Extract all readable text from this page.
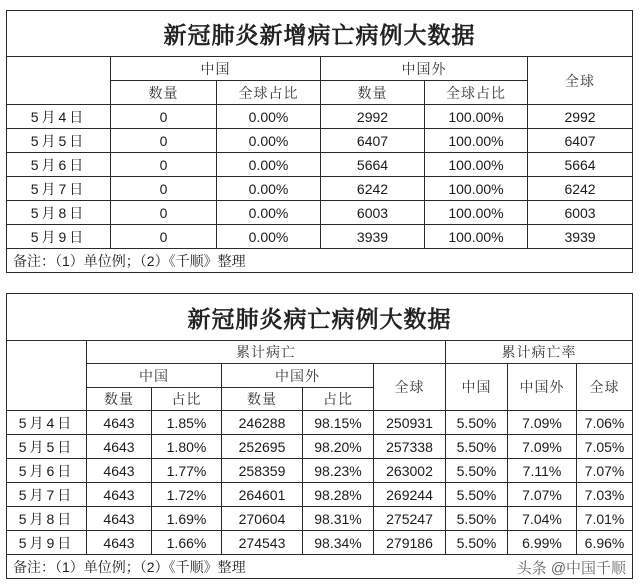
新冠肺炎新增病亡病例大数据					
	中国		中国外		全球
	数量	全球占比	数量	全球占比	
5月4日	0	0.00%	2992	100.00%	2992
5月5日	0	0.00%	6407	100.00%	6407
5月6日	0	0.00%	5664	100.00%	5664
5月7日	0	0.00%	6242	100.00%	6242
5月8日	0	0.00%	6003	100.00%	6003
5月9日	0	0.00%	3939	100.00%	3939
备注：（1）单位例；（2）《千顺》整理					
新冠肺炎病亡病例大数据								
	累计病亡					累计病亡率		
	中国		中国外		全球	中国	中国外	全球
	数量	占比	数量	占比				
5月4日	4643	1.85%	246288	98.15%	250931	5.50%	7.09%	7.06%
5月5日	4643	1.80%	252695	98.20%	257338	5.50%	7.09%	7.05%
5月6日	4643	1.77%	258359	98.23%	263002	5.50%	7.11%	7.07%
5月7日	4643	1.72%	264601	98.28%	269244	5.50%	7.07%	7.03%
5月8日	4643	1.69%	270604	98.31%	275247	5.50%	7.04%	7.01%
5月9日	4643	1.66%	274543	98.34%	279186	5.50%	6.99%	6.96%
备注：（1）单位例；（2）《千顺》整理 头条 @中国千顺								
